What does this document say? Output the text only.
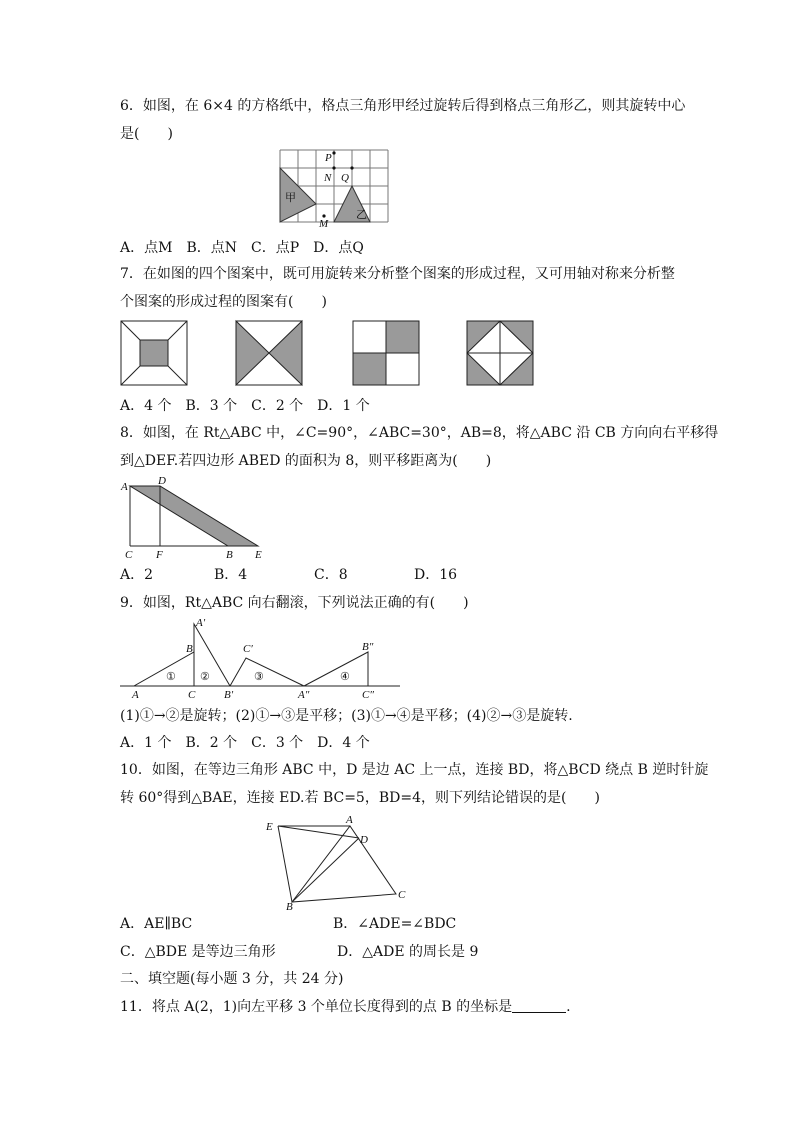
6．如图，在 6×4 的方格纸中，格点三角形甲经过旋转后得到格点三角形乙，则其旋转中心
是(　　)
甲
乙
P
N Q
M
A．点M　B．点N　C．点P　D．点Q
7．在如图的四个图案中，既可用旋转来分析整个图案的形成过程，又可用轴对称来分析整
个图案的形成过程的图案有(　　)
A．4 个　B．3 个　C．2 个　D．1 个
8．如图，在 Rt△ABC 中，∠C=90°，∠ABC=30°，AB=8，将△ABC 沿 CB 方向向右平移得
到△DEF.若四边形 ABED 的面积为 8，则平移距离为(　　)
A	D
C F	B E
A．2	B．4	C．8	D．16
9．如图，Rt△ABC 向右翻滚，下列说法正确的有(　　)
A
B
C
A′
B′
C′
A″
B″
C″
① ②	③	④
(1)①→②是旋转；(2)①→③是平移；(3)①→④是平移；(4)②→③是旋转.
A．1 个　B．2 个　C．3 个　D．4 个
10．如图，在等边三角形 ABC 中，D 是边 AC 上一点，连接 BD，将△BCD 绕点 B 逆时针旋
转 60°得到△BAE，连接 ED.若 BC=5，BD=4，则下列结论错误的是(　　)
E
A
D
B
C
A．AE∥BC	B．∠ADE=∠BDC
C．△BDE 是等边三角形	D．△ADE 的周长是 9
二、填空题(每小题 3 分，共 24 分)
11．将点 A(2，1)向左平移 3 个单位长度得到的点 B 的坐标是	.
